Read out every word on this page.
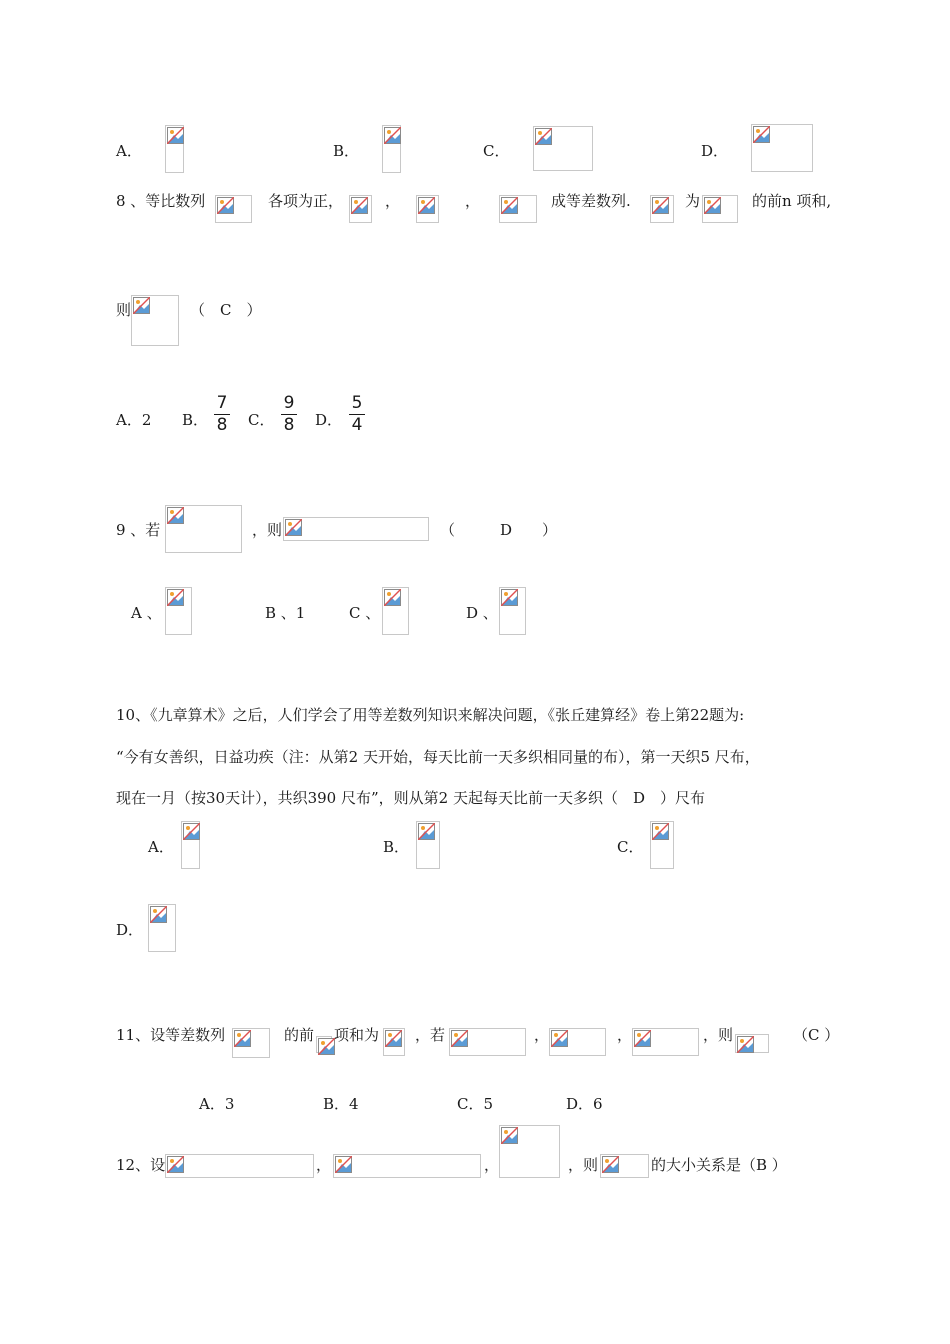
A．	B．	C．	D．
8 、等比数列	各项为正，	，	，	成等差数列.	为	的前n 项和,
则	（　C　）
A．2 B．
7
8	C．
9
8	D．
5
4
9 、若	，则	（　　　D　　）
A 、	B 、1	C 、	D 、
10、《九章算术》之后，人们学会了用等差数列知识来解决问题，《张丘建算经》卷上第22题为:
“今有女善织，日益功疾（注：从第2 天开始，每天比前一天多织相同量的布），第一天织5 尺布，
现在一月（按30天计），共织390 尺布”，则从第2 天起每天比前一天多织（　D　）尺布
A．	B．	C．
D．
11、设等差数列	的前 项和为 ，若	，	，	，则	（C ）
A．3	B．4	C．5	D．6
12、设	，	，	，则	的大小关系是（B ）
